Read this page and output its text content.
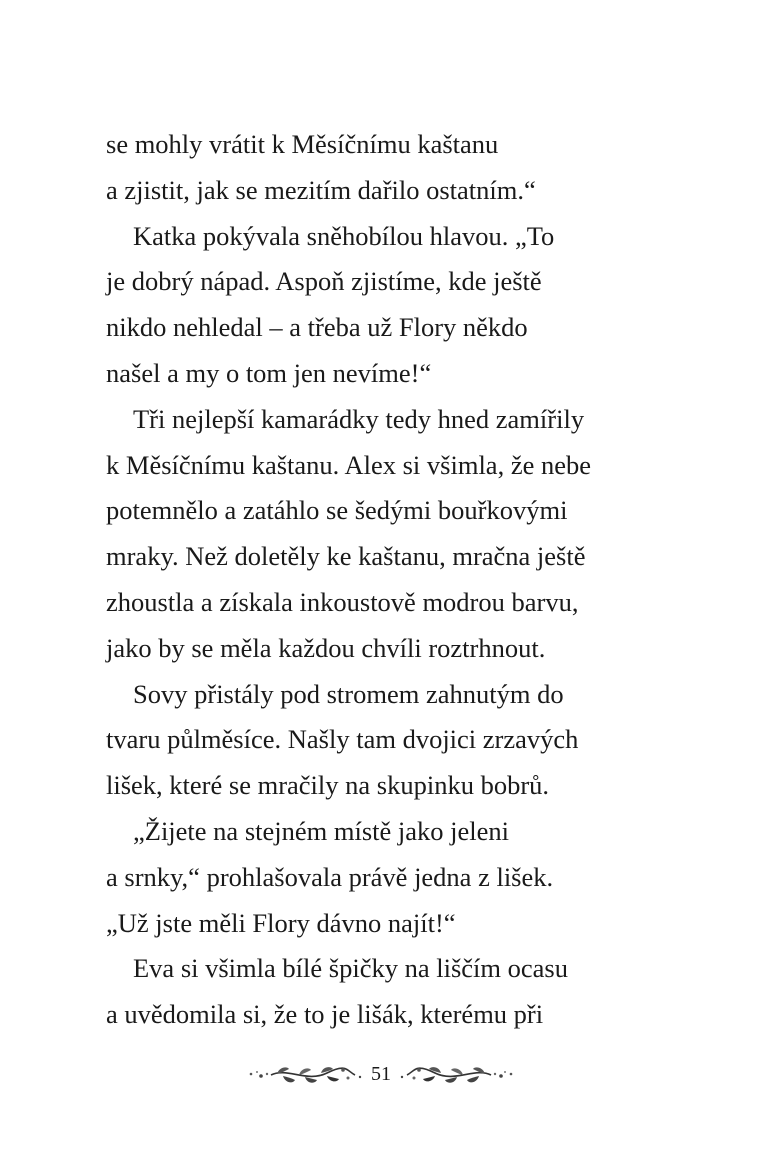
se mohly vrátit k Měsíčnímu kaštanu
a zjistit, jak se mezitím dařilo ostatním.“
Katka pokývala sněhobílou hlavou. „To
je dobrý nápad. Aspoň zjistíme, kde ještě
nikdo nehledal – a třeba už Flory někdo
našel a my o tom jen nevíme!“
Tři nejlepší kamarádky tedy hned zamířily
k Měsíčnímu kaštanu. Alex si všimla, že nebe
potemnělo a zatáhlo se šedými bouřkovými
mraky. Než doletěly ke kaštanu, mračna ještě
zhoustla a získala inkoustově modrou barvu,
jako by se měla každou chvíli roztrhnout.
Sovy přistály pod stromem zahnutým do
tvaru půlměsíce. Našly tam dvojici zrzavých
lišek, které se mračily na skupinku bobrů.
„Žijete na stejném místě jako jeleni
a srnky,“ prohlašovala právě jedna z lišek.
„Už jste měli Flory dávno najít!“
Eva si všimla bílé špičky na liščím ocasu
a uvědomila si, že to je lišák, kterému při
51
